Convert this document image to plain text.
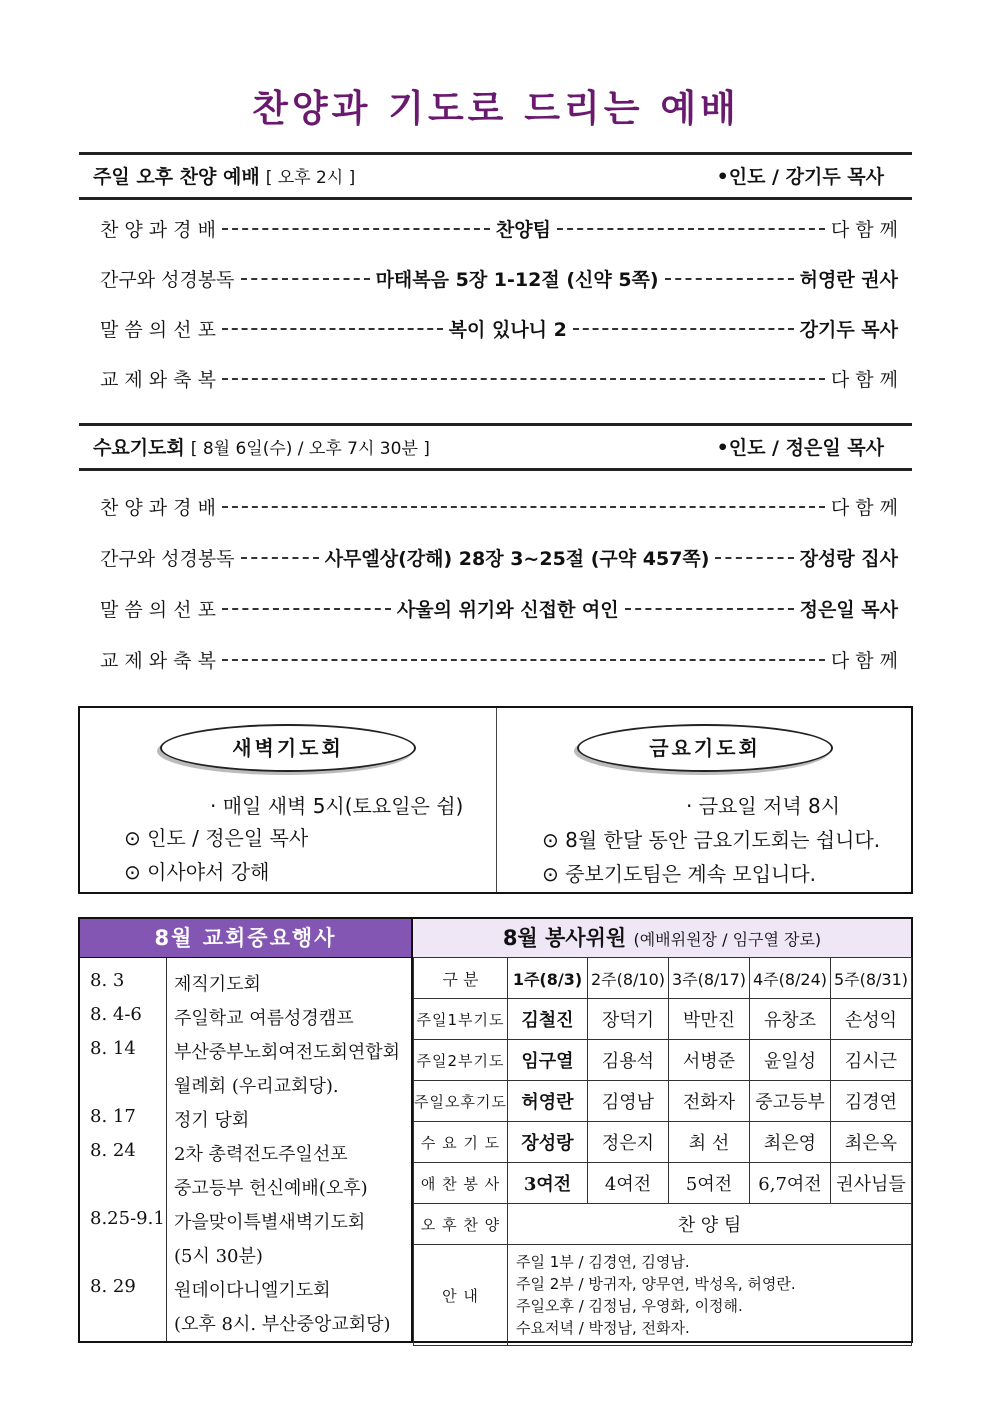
찬양과 기도로 드리는 예배
주일 오후 찬양 예배 [ 오후 2시 ]	•인도 / 강기두 목사
찬 양 과 경 배	찬양팀	다 함 께
간구와 성경봉독	마태복음 5장 1-12절 (신약 5쪽)	허영란 권사
말 씀 의 선 포	복이 있나니 2	강기두 목사
교 제 와 축 복	다 함 께
수요기도회 [ 8월 6일(수) / 오후 7시 30분 ]	•인도 / 정은일 목사
찬 양 과 경 배	다 함 께
간구와 성경봉독	사무엘상(강해) 28장 3~25절 (구약 457쪽)	장성랑 집사
말 씀 의 선 포	사울의 위기와 신접한 여인	정은일 목사
교 제 와 축 복	다 함 께
새벽기도회
· 매일 새벽 5시(토요일은 쉼)
⊙ 인도 / 정은일 목사
⊙ 이사야서 강해
금요기도회
· 금요일 저녁 8시
⊙ 8월 한달 동안 금요기도회는 쉽니다.
⊙ 중보기도팀은 계속 모입니다.
8월 교회중요행사
8. 3	제직기도회
8. 4-6 주일학교 여름성경캠프
8. 14 부산중부노회여전도회연합회
월례회 (우리교회당).
8. 17 정기 당회
8. 24 2차 총력전도주일선포
중고등부 헌신예배(오후)
8.25-9.1 가을맞이특별새벽기도회
(5시 30분)
8. 29 원데이다니엘기도회
(오후 8시. 부산중앙교회당)
8월 봉사위원 (예배위원장 / 임구열 장로)
구 분	1주(8/3)	2주(8/10)	3주(8/17)	4주(8/24)	5주(8/31)
주일1부기도	김철진	장덕기	박만진	유창조	손성익
주일2부기도	임구열	김용석	서병준	윤일성	김시근
주일오후기도	허영란	김영남	전화자	중고등부	김경연
수 요 기 도	장성랑	정은지	최 선	최은영	최은옥
애 찬 봉 사	3여전	4여전	5여전	6,7여전	권사님들
오 후 찬 양	찬 양 팀				
안 내	주일 1부 / 김경연, 김영남.
주일 2부 / 방귀자, 양무연, 박성옥, 허영란.
주일오후 / 김정님, 우영화, 이정해.
수요저녁 / 박정남, 전화자.				
